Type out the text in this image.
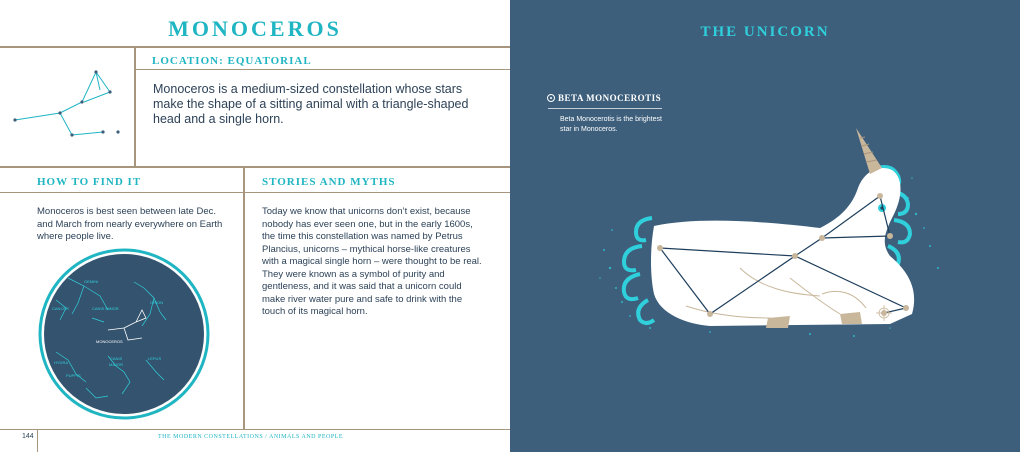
MONOCEROS
LOCATION: EQUATORIAL
Monoceros is a medium-sized constellation whose stars make the shape of a sitting animal with a triangle-shaped head and a single horn.
HOW TO FIND IT	STORIES AND MYTHS
Monoceros is best seen between late Dec. and March from nearly everywhere on Earth where people live.
Today we know that unicorns don’t exist, because nobody has ever seen one, but in the early 1600s, the time this constellation was named by Petrus Plancius, unicorns – mythical horse-like creatures with a magical single horn – were thought to be real. They were known as a symbol of purity and gentleness, and it was said that a unicorn could make river water pure and safe to drink with the touch of its magical horn.
GEMINI
ORION
CANCER	CANIS MINOR
MONOCEROS
HYDRA
CANIS
MAJOR
LEPUS
PUPPIS
144	THE MODERN CONSTELLATIONS / ANIMALS AND PEOPLE
THE UNICORN
BETA MONOCEROTIS
Beta Monocerotis is the brightest star in Monoceros.
